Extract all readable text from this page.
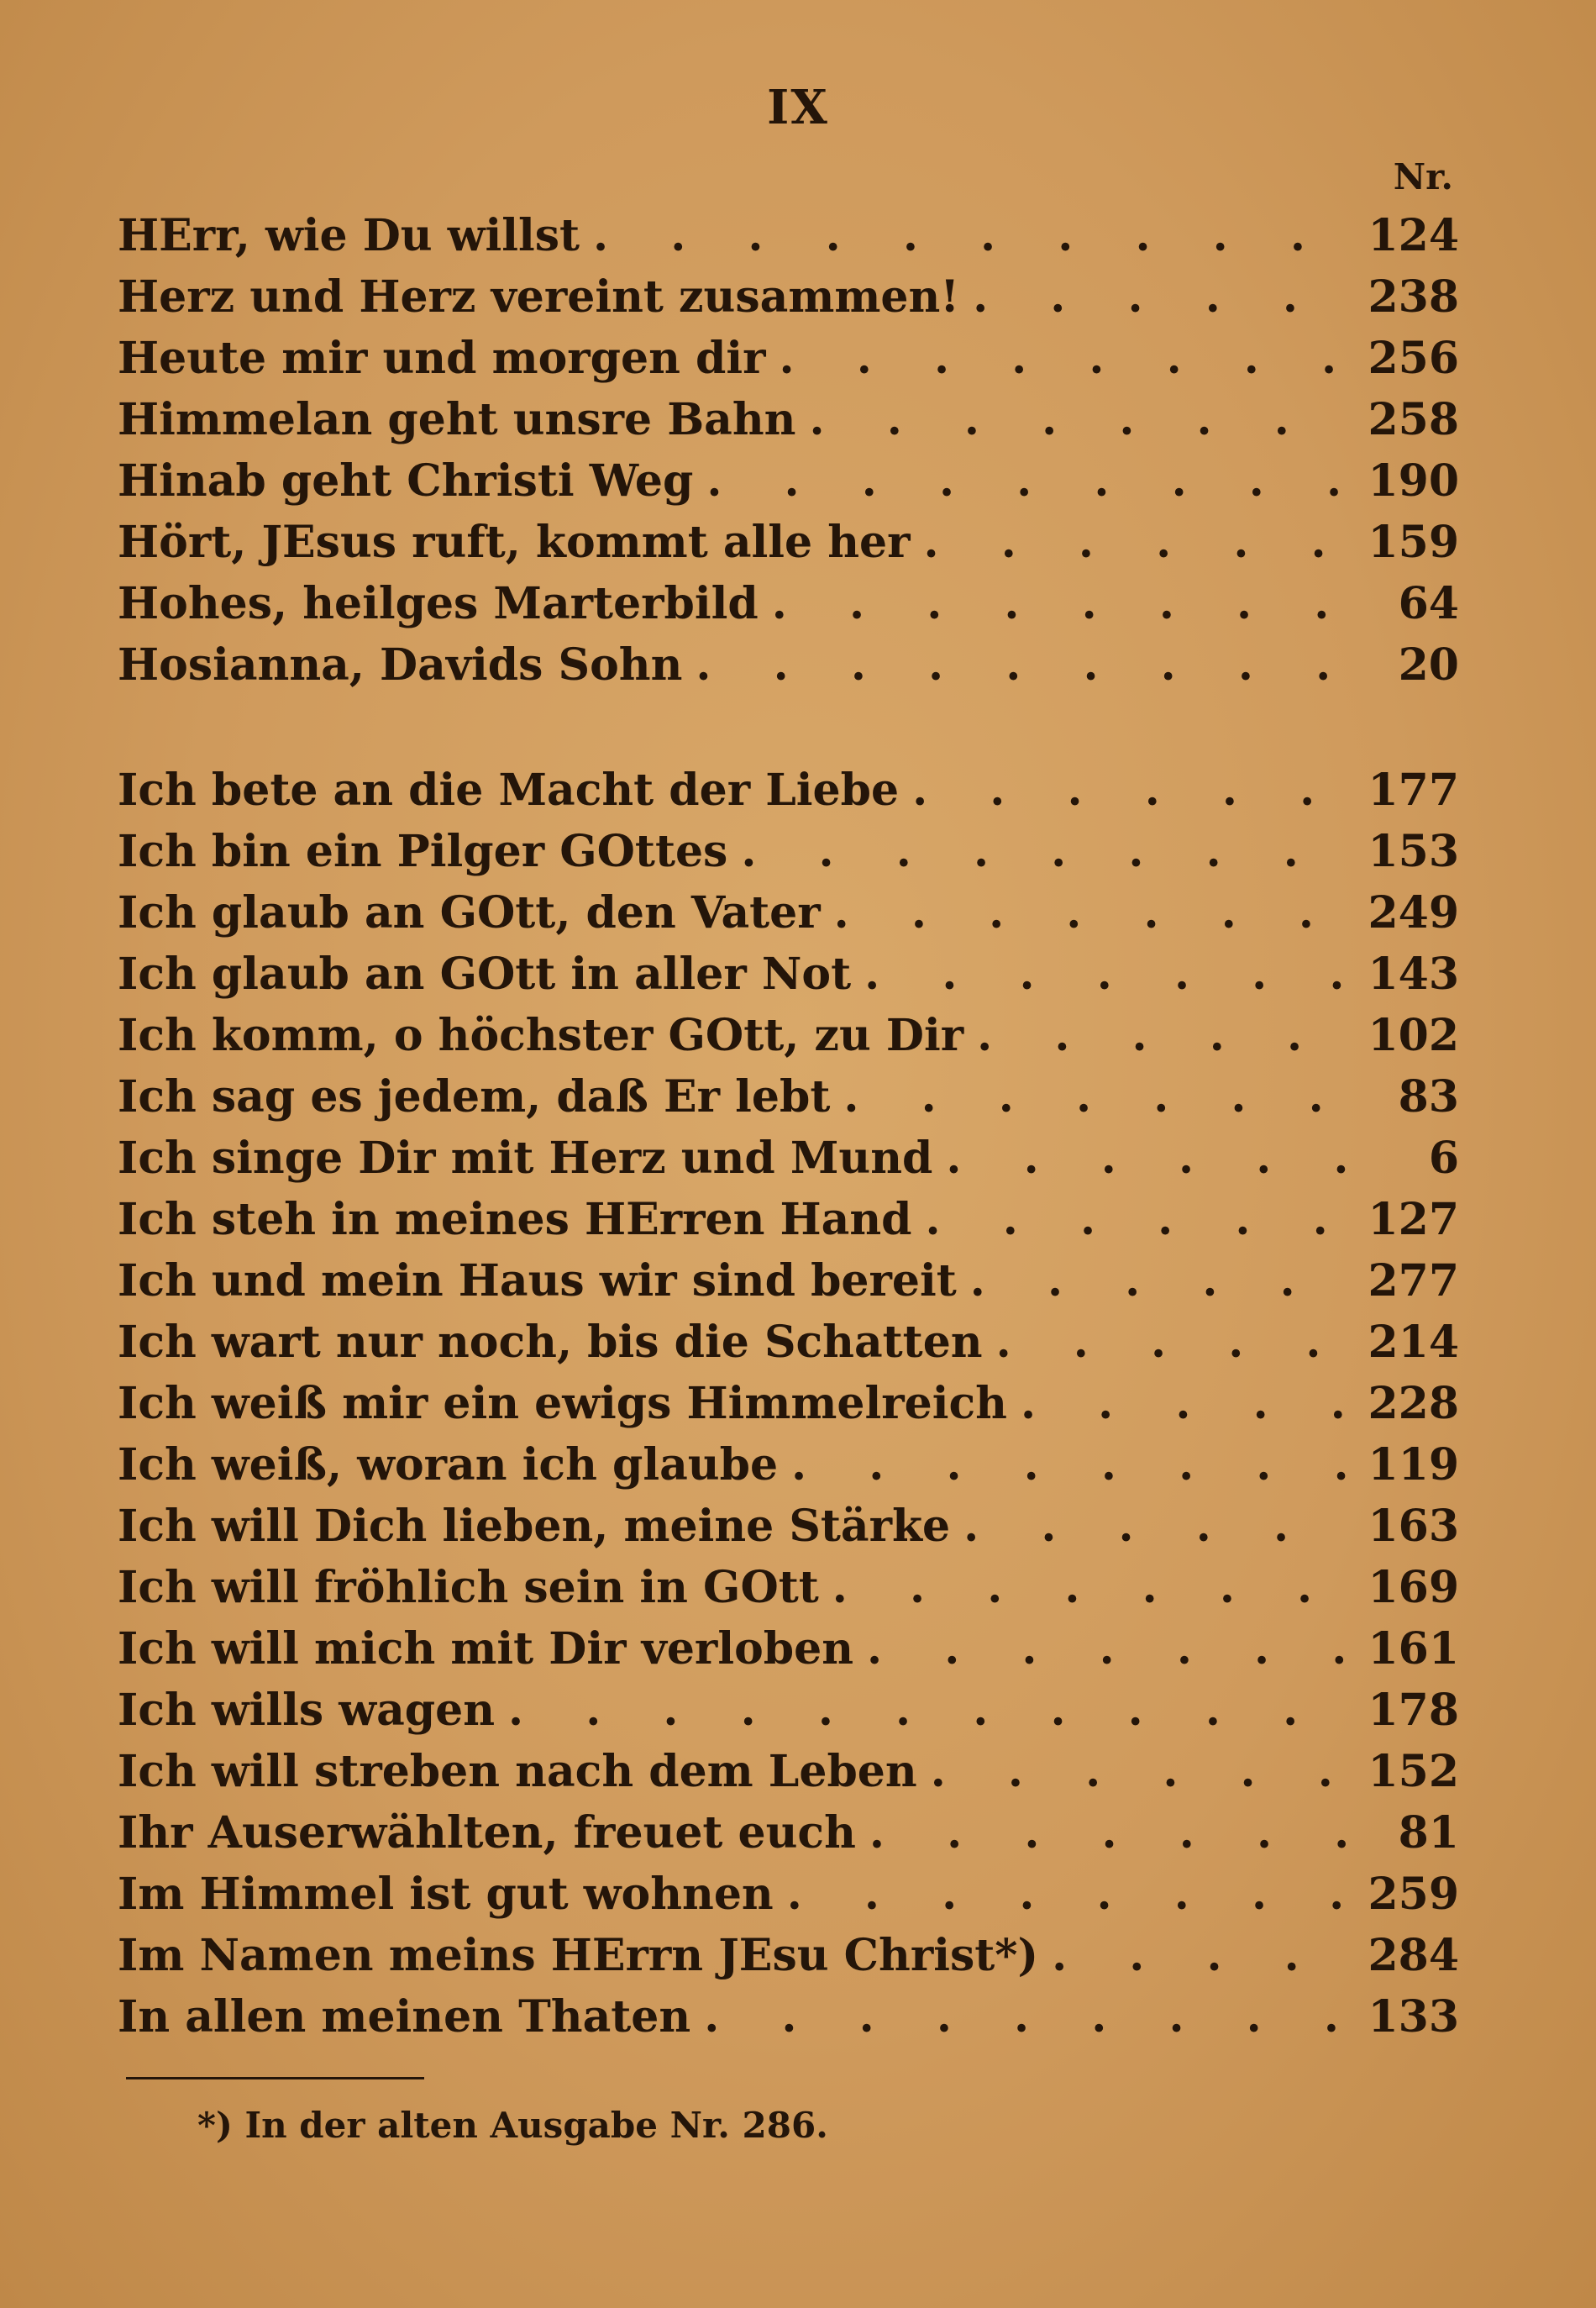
IX
Nr.
HErr, wie Du willst . . .	124
Herz und Herz vereint zusammen! . . .	238
Heute mir und morgen dir . . .	256
Himmelan geht unsre Bahn . . .	258
Hinab geht Christi Weg . . .	190
Hört, JEsus ruft, kommt alle her . . .	159
Hohes, heilges Marterbild . . .	64
Hosianna, Davids Sohn . . .	20
Ich bete an die Macht der Liebe . . .	177
Ich bin ein Pilger GOttes . . .	153
Ich glaub an GOtt, den Vater . . .	249
Ich glaub an GOtt in aller Not . . .	143
Ich komm, o höchster GOtt, zu Dir . . .	102
Ich sag es jedem, daß Er lebt . . .	83
Ich singe Dir mit Herz und Mund . . .	6
Ich steh in meines HErren Hand . . .	127
Ich und mein Haus wir sind bereit . . .	277
Ich wart nur noch, bis die Schatten . . .	214
Ich weiß mir ein ewigs Himmelreich . . .	228
Ich weiß, woran ich glaube . . .	119
Ich will Dich lieben, meine Stärke . . .	163
Ich will fröhlich sein in GOtt . . .	169
Ich will mich mit Dir verloben . . .	161
Ich wills wagen . . .	178
Ich will streben nach dem Leben . . .	152
Ihr Auserwählten, freuet euch . . .	81
Im Himmel ist gut wohnen . . .	259
Im Namen meins HErrn JEsu Christ*) . . .	284
In allen meinen Thaten . . .	133
*) In der alten Ausgabe Nr. 286.
